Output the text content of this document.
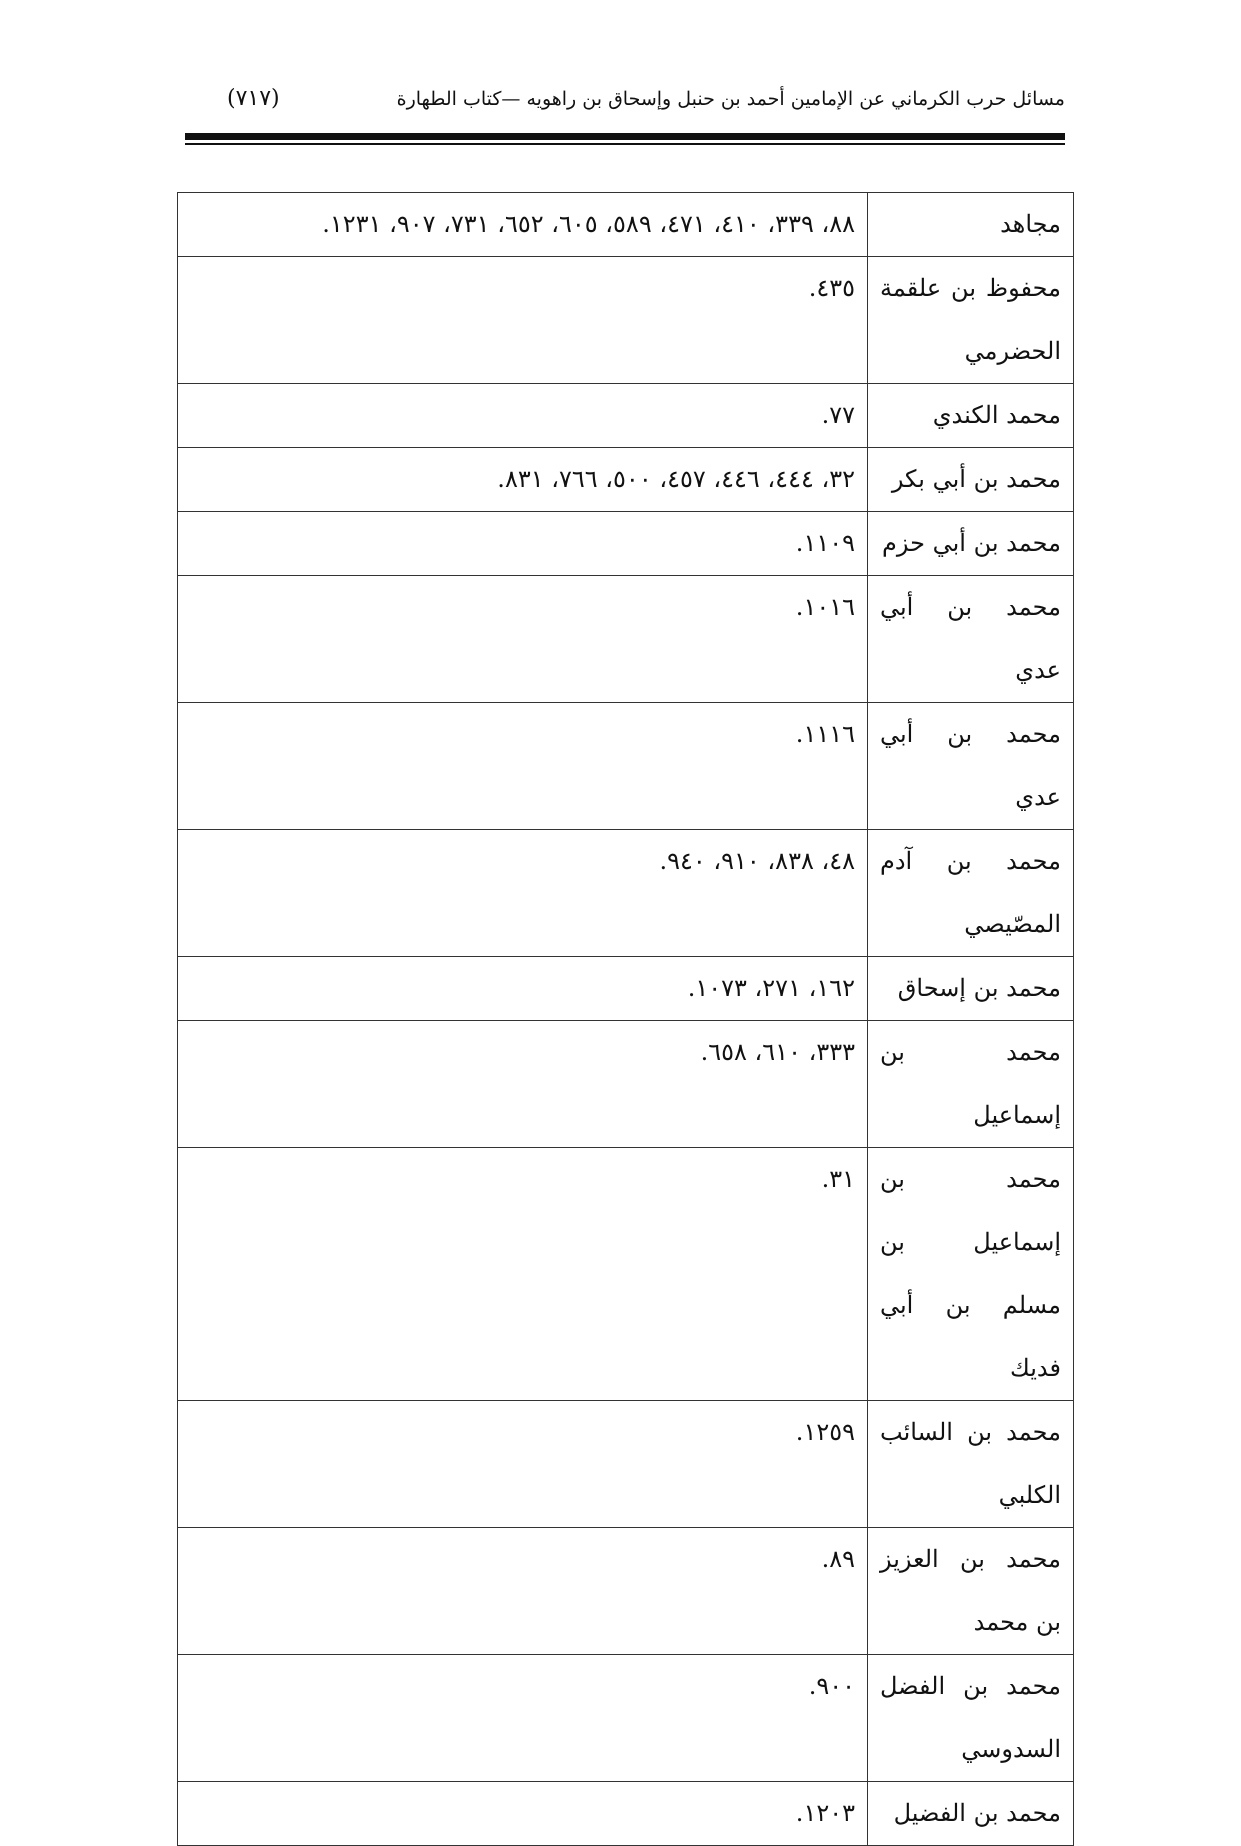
مسائل حرب الكرماني عن الإمامين أحمد بن حنبل وإسحاق بن راهويه —كتاب الطهارة
(٧١٧)
مجاهد	٨٨، ٣٣٩، ٤١٠، ٤٧١، ٥٨٩، ٦٠٥، ٦٥٢، ٧٣١، ٩٠٧، ١٢٣١.
محفوظ بن علقمة الحضرمي	٤٣٥.
محمد الكندي	٧٧.
محمد بن أبي بكر	٣٢، ٤٤٤، ٤٤٦، ٤٥٧، ٥٠٠، ٧٦٦، ٨٣١.
محمد بن أبي حزم	١١٠٩.
محمد بن أبي عدي	١٠١٦.
محمد بن أبي عدي	١١١٦.
محمد بن آدم المصّيصي	٤٨، ٨٣٨، ٩١٠، ٩٤٠.
محمد بن إسحاق	١٦٢، ٢٧١، ١٠٧٣.
محمد بن إسماعيل	٣٣٣، ٦١٠، ٦٥٨.
محمد بن إسماعيل بن مسلم بن أبي فديك	٣١.
محمد بن السائب الكلبي	١٢٥٩.
محمد بن العزيز بن محمد	٨٩.
محمد بن الفضل السدوسي	٩٠٠.
محمد بن الفضيل	١٢٠٣.
